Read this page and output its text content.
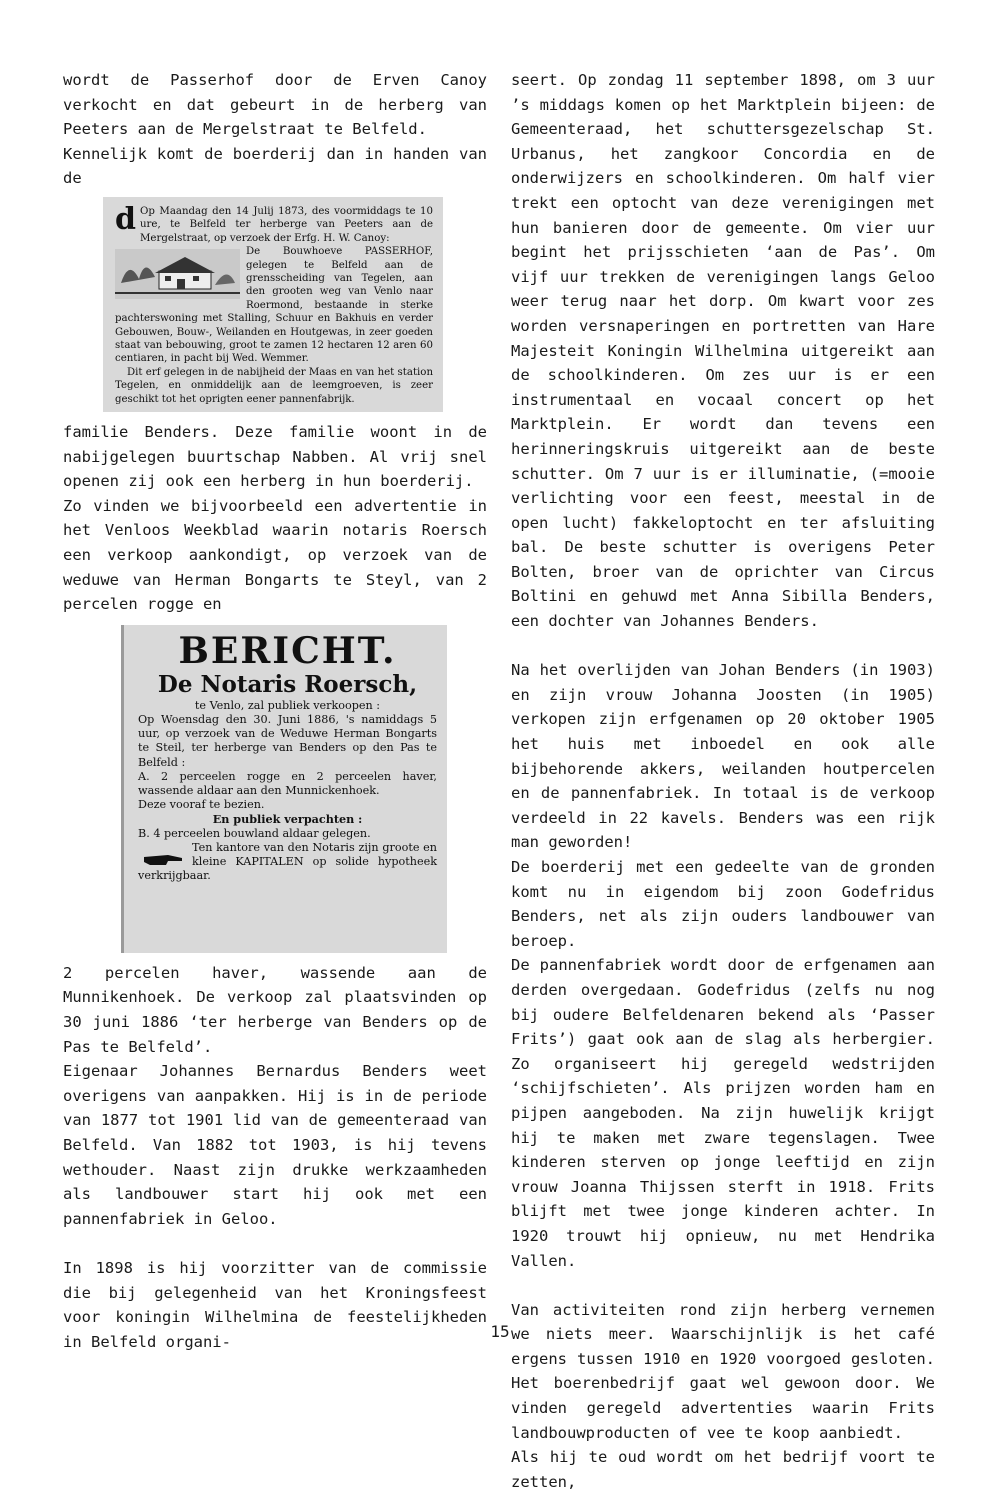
wordt de Passerhof door de Erven Canoy verkocht en dat gebeurt in de herberg van Peeters aan de Mergelstraat te Belfeld.

Kennelijk komt de boerderij dan in handen van de

d Op Maandag den 14 Julij 1873, des voormiddags te 10 ure, te Belfeld ter herberge van Peeters aan de Mergelstraat, op verzoek der Erfg. H. W. Canoy:

De Bouwhoeve PASSERHOF, gelegen te Belfeld aan de grensscheiding van Tegelen, aan den grooten weg van Venlo naar Roermond, bestaande in sterke pachterswoning met Stalling, Schuur en Bakhuis en verder Gebouwen, Bouw-, Weilanden en Houtgewas, in zeer goeden staat van bebouwing, groot te zamen 12 hectaren 12 aren 60 centiaren, in pacht bij Wed. Wemmer.

Dit erf gelegen in de nabijheid der Maas en van het station Tegelen, en onmiddelijk aan de leemgroeven, is zeer geschikt tot het oprigten eener pannenfabrijk.

familie Benders. Deze familie woont in de nabijgelegen buurtschap Nabben. Al vrij snel openen zij ook een herberg in hun boerderij.

Zo vinden we bijvoorbeeld een advertentie in het Venloos Weekblad waarin notaris Roersch een verkoop aankondigt, op verzoek van de weduwe van Herman Bongarts te Steyl, van 2 percelen rogge en

BERICHT.
De Notaris Roersch,

te Venlo, zal publiek verkoopen :

Op Woensdag den 30. Juni 1886, 's namiddags 5 uur, op verzoek van de Weduwe Herman Bongarts te Steil, ter herberge van Benders op den Pas te Belfeld :

A. 2 perceelen rogge en 2 perceelen haver, wassende aldaar aan den Munnickenhoek.

Deze vooraf te bezien.

En publiek verpachten :

B. 4 perceelen bouwland aldaar gelegen.

Ten kantore van den Notaris zijn groote en kleine KAPITALEN op solide hypotheek verkrijgbaar.

2 percelen haver, wassende aan de Munnikenhoek. De verkoop zal plaatsvinden op 30 juni 1886 ‘ter herberge van Benders op de Pas te Belfeld’.

Eigenaar Johannes Bernardus Benders weet overigens van aanpakken. Hij is in de periode van 1877 tot 1901 lid van de gemeenteraad van Belfeld. Van 1882 tot 1903, is hij tevens wethouder. Naast zijn drukke werkzaamheden als landbouwer start hij ook met een pannenfabriek in Geloo.

In 1898 is hij voorzitter van de commissie die bij gelegenheid van het Kroningsfeest voor koningin Wilhelmina de feestelijkheden in Belfeld organi-

seert. Op zondag 11 september 1898, om 3 uur ’s middags komen op het Marktplein bijeen: de Gemeenteraad, het schuttersgezelschap St. Urbanus, het zangkoor Concordia en de onderwijzers en schoolkinderen. Om half vier trekt een optocht van deze verenigingen met hun banieren door de gemeente. Om vier uur begint het prijsschieten ‘aan de Pas’. Om vijf uur trekken de verenigingen langs Geloo weer terug naar het dorp. Om kwart voor zes worden versnaperingen en portretten van Hare Majesteit Koningin Wilhelmina uitgereikt aan de schoolkinderen. Om zes uur is er een instrumentaal en vocaal concert op het Marktplein. Er wordt dan tevens een herinneringskruis uitgereikt aan de beste schutter. Om 7 uur is er illuminatie, (=mooie verlichting voor een feest, meestal in de open lucht) fakkeloptocht en ter afsluiting bal. De beste schutter is overigens Peter Bolten, broer van de oprichter van Circus Boltini en gehuwd met Anna Sibilla Benders, een dochter van Johannes Benders.

Na het overlijden van Johan Benders (in 1903) en zijn vrouw Johanna Joosten (in 1905) verkopen zijn erfgenamen op 20 oktober 1905 het huis met inboedel en ook alle bijbehorende akkers, weilanden houtpercelen en de pannenfabriek. In totaal is de verkoop verdeeld in 22 kavels. Benders was een rijk man geworden!

De boerderij met een gedeelte van de gronden komt nu in eigendom bij zoon Godefridus Benders, net als zijn ouders landbouwer van beroep.

De pannenfabriek wordt door de erfgenamen aan derden overgedaan. Godefridus (zelfs nu nog bij oudere Belfeldenaren bekend als ‘Passer Frits’) gaat ook aan de slag als herbergier. Zo organiseert hij geregeld wedstrijden ‘schijfschieten’. Als prijzen worden ham en pijpen aangeboden. Na zijn huwelijk krijgt hij te maken met zware tegenslagen. Twee kinderen sterven op jonge leeftijd en zijn vrouw Joanna Thijssen sterft in 1918. Frits blijft met twee jonge kinderen achter. In 1920 trouwt hij opnieuw, nu met Hendrika Vallen.

Van activiteiten rond zijn herberg vernemen we niets meer. Waarschijnlijk is het café ergens tussen 1910 en 1920 voorgoed gesloten. Het boerenbedrijf gaat wel gewoon door. We vinden geregeld advertenties waarin Frits landbouwproducten of vee te koop aanbiedt.

Als hij te oud wordt om het bedrijf voort te zetten,

15
